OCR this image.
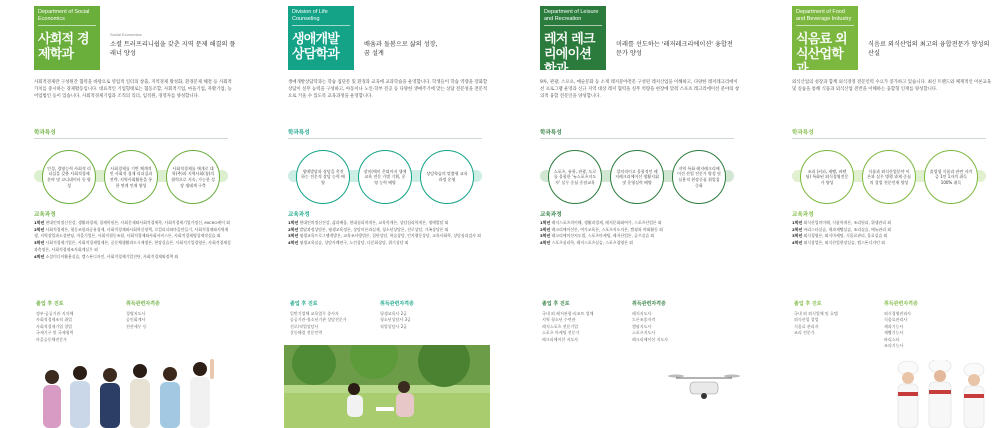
Department of Social Economics
사회적 경제학과
Social Economics
소셜 트러프리니쉽을 갖춘 지역 문제 해결의 플래너 양성
사회적경제란 구성원간 협력을 바탕으로 영업적 일터의 창출, 지역경제 활성화, 환경문제 해결 등 사회적가치를 중시하는 경제활동입니다. 대표적인 기업형태로는 협동조합, 사회적기업, 마을기업, 자활기업, 농어업법인 등이 있습니다. 사회적경제기업과 조직의 리더, 임직원, 경영자를 양성합니다.
학과특성
인성, 경영능력 사회적 리더십을 갖춘 사회적경제분야 및 코디네이터 등 양성
사회경제를 기반 체계적인 사회적 경제 리더십과 전략, 지역사회활용을 통한 연계 인재 양성
사회적경제를 매개로 대학(추)과 지역사회(청)의 협력으로 지속, 가능한 성장 생태계 구축
교육과정
1학년 현대인의정신건강, 생활과경제, 경제학원론, 사회문제와사회적경제학, 사회적경제기업가정신, MICRO케어 외
2학년 사회적경제론, 협동조합과공유경제, 사회적경제와사회혁신정책, 로컬리더와마을만들기, 사회적경제와지역재생, 지역창업과소셜펀딩, 마을기업론, 사회적협동조합, 사회적경제와사회서비스론, 사회적경제영상제작실습 외
3학년 사회적경제기업론, 사회적경제법제론, 공동체생활과도시재생론, 현장실습론, 사회적기업경영론, 사회적경제성과측정론, 사회적경제조직회계실무 외
4학년 소셜미디어활용실습, 캡스톤디자인, 사회적경제기업진단, 사회적경제와정책 외
졸업 후 진로
정부·공공기관 지자체
사회적경제조직 취업
사회적경제기업 창업
국제기구 및 국제협력
마을공동체전문가
취득관련자격증
경영지도사
공인회계사
전산세무 등
Division of Life Counseling
생애개발 상담학과
배움과 돌봄으로 삶의 성장, 꿈 설계
생애개발상담학과는 학습 집단문 및 환경과 교육에 교과학습을 운영합니다. 학생들이 학습 역량을 강화할 상담이 실무 능력을 구성하고, 아동이나 노인·학부 전공 등 다양한 생애주기에 맞는 상담 전문성을 전문적으로 키울 수 있도록 교육과정을 운영합니다.
학과특성
생애발달과 상담을 촉진하는 전문적 상담 능력 배양
장미(에이 은퇴까지 생애교육 전문 가별 기획, 운영 능력 배양
상담학습의 맞춤형 교육과정 운영
교육과정
1학년 현대인의정신건강, 삶과배움, 현대심리학개론, 교육학개론, 상담심리학개론, 생애발달 외
2학년 발달과정상담론, 평생교육정론, 상담이론과실제, 청소년상담론, 진로상담, 가족상담론 외
3학년 평생교육프로그램개발론, 교육조사방법론, 집단상담, 학습상담, 인지행동상담, 교육사회학, 상담심리검사 외
4학년 평생교육실습, 상담사례연구, 노인상담, 다문화상담, 위기상담 외
졸업 후 진로
일반기업체 교육업무 종사자
공공기관·청소년기관 상담전문가
진로/직업상담사
갈등해결 전문인력
취득관련자격증
평생교육사 2급
청소년상담사 3급
직업상담사 2급
Department of Leisure and Recreation
레저 레크리에이션학과
미래를 선도하는 '레저레크리에이션' 융합전문가 양성
9차, 관광, 스포츠, 예술문화 등 소재 레저분야전문 구성된 레저산업을 이해하고, 다양한 레저레크리에이션 프로그램 운영과 신규 지역 대상 레저 협력을 실무 역량을 현장에 맞춰 스포츠 레크리에이션 분야의 창의적 융합 전문인을 양성합니다.
학과특성
스포츠, 유학, 관광, 도로를 융합한 '뉴스포츠지도자' 실무 중심 중점교육
창의적이고 융합적인 레저레크리에이션 생활지휘 및 운영실력 배양
지역 특화 레저레크리에이션 산업 전문가 양성 및 실용적 현장중심 취업집중화
교육과정
1학년 레저스포츠의이해, 생활과경제, 레저문화와여가, 스포츠산업론 외
2학년 레크리에이션론, 여가교육론, 스포츠지도자론, 캠핑과 야외활동 외
3학년 레크리에이션지도법, 스포츠마케팅, 레저산업론, 골프실습 외
4학년 스포츠심리학, 레저스포츠실습, 스포츠경영론 외
졸업 후 진로
국내 외 레저관광·리조트 업체
지역 청소년 수련관
레저스포츠 전문기업
스포츠 마케팅 전문가
레크리에이션 지도자
취득관련자격증
레저지도사
드론조종자격
캠핑지도사
스포츠지도사
레크리에이션 지도자
Department of Food and Beverage Industry
식음료 외식산업학과
식음료 외식산업의 최고의 융합전문가 양성의 산실
외식산업의 성장과 함께 외식경영 전문인력 수요가 증가하고 있습니다. 최신 트렌드와 체계적인 이론교육 및 실습을 통해 식품과 외식산업 전반을 이해하는 융합형 인재를 양성합니다.
학과특성
조리 (커피, 제빵, 바텐딩) 특화된 외식경영전문가 양성
식품과 외식산업분야 이론과 실무 병행 과제 중심의 창업 전문인재 양성
졸업생 식품과 관련 자격증 1인 1자격 취득 100% 취득
교육과정
1학년 외식산업의이해, 식품학개론, 조리원리, 위생관리 외
2학년 바리스타실습, 제과제빵실습, 조리실습, 메뉴관리 외
3학년 외식경영론, 외식마케팅, 식음료관리, 음료실습 외
4학년 외식창업론, 외식산업현장실습, 캡스톤디자인 외
졸업 후 진로
국내 외 외식업체 및 호텔
외식산업 창업
식음료 관리자
조리 전문가
취득관련자격증
외식경영관리사
식음료관리사
제과기능사
제빵기능사
바리스타
조리기능사
